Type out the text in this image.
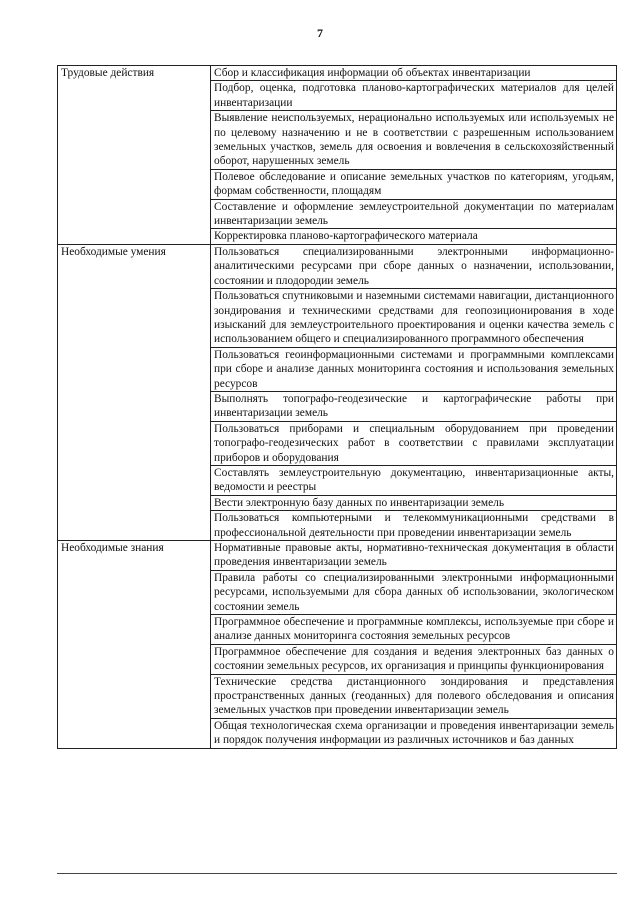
7
Трудовые действия	Сбор и классификация информации об объектах инвентаризации
	Подбор, оценка, подготовка планово-картографических материалов для целей инвентаризации
	Выявление неиспользуемых, нерационально используемых или используемых не по целевому назначению и не в соответствии с разрешенным использованием земельных участков, земель для освоения и вовлечения в сельскохозяйственный оборот, нарушенных земель
	Полевое обследование и описание земельных участков по категориям, угодьям, формам собственности, площадям
	Составление и оформление землеустроительной документации по материалам инвентаризации земель
	Корректировка планово-картографического материала
Необходимые умения	Пользоваться специализированными электронными информационно-аналитическими ресурсами при сборе данных о назначении, использовании, состоянии и плодородии земель
	Пользоваться спутниковыми и наземными системами навигации, дистанционного зондирования и техническими средствами для геопозиционирования в ходе изысканий для землеустроительного проектирования и оценки качества земель с использованием общего и специализированного программного обеспечения
	Пользоваться геоинформационными системами и программными комплексами при сборе и анализе данных мониторинга состояния и использования земельных ресурсов
	Выполнять топографо-геодезические и картографические работы при инвентаризации земель
	Пользоваться приборами и специальным оборудованием при проведении топографо-геодезических работ в соответствии с правилами эксплуатации приборов и оборудования
	Составлять землеустроительную документацию, инвентаризационные акты, ведомости и реестры
	Вести электронную базу данных по инвентаризации земель
	Пользоваться компьютерными и телекоммуникационными средствами в профессиональной деятельности при проведении инвентаризации земель
Необходимые знания	Нормативные правовые акты, нормативно-техническая документация в области проведения инвентаризации земель
	Правила работы со специализированными электронными информационными ресурсами, используемыми для сбора данных об использовании, экологическом состоянии земель
	Программное обеспечение и программные комплексы, используемые при сборе и анализе данных мониторинга состояния земельных ресурсов
	Программное обеспечение для создания и ведения электронных баз данных о состоянии земельных ресурсов, их организация и принципы функционирования
	Технические средства дистанционного зондирования и представления пространственных данных (геоданных) для полевого обследования и описания земельных участков при проведении инвентаризации земель
	Общая технологическая схема организации и проведения инвентаризации земель и порядок получения информации из различных источников и баз данных
